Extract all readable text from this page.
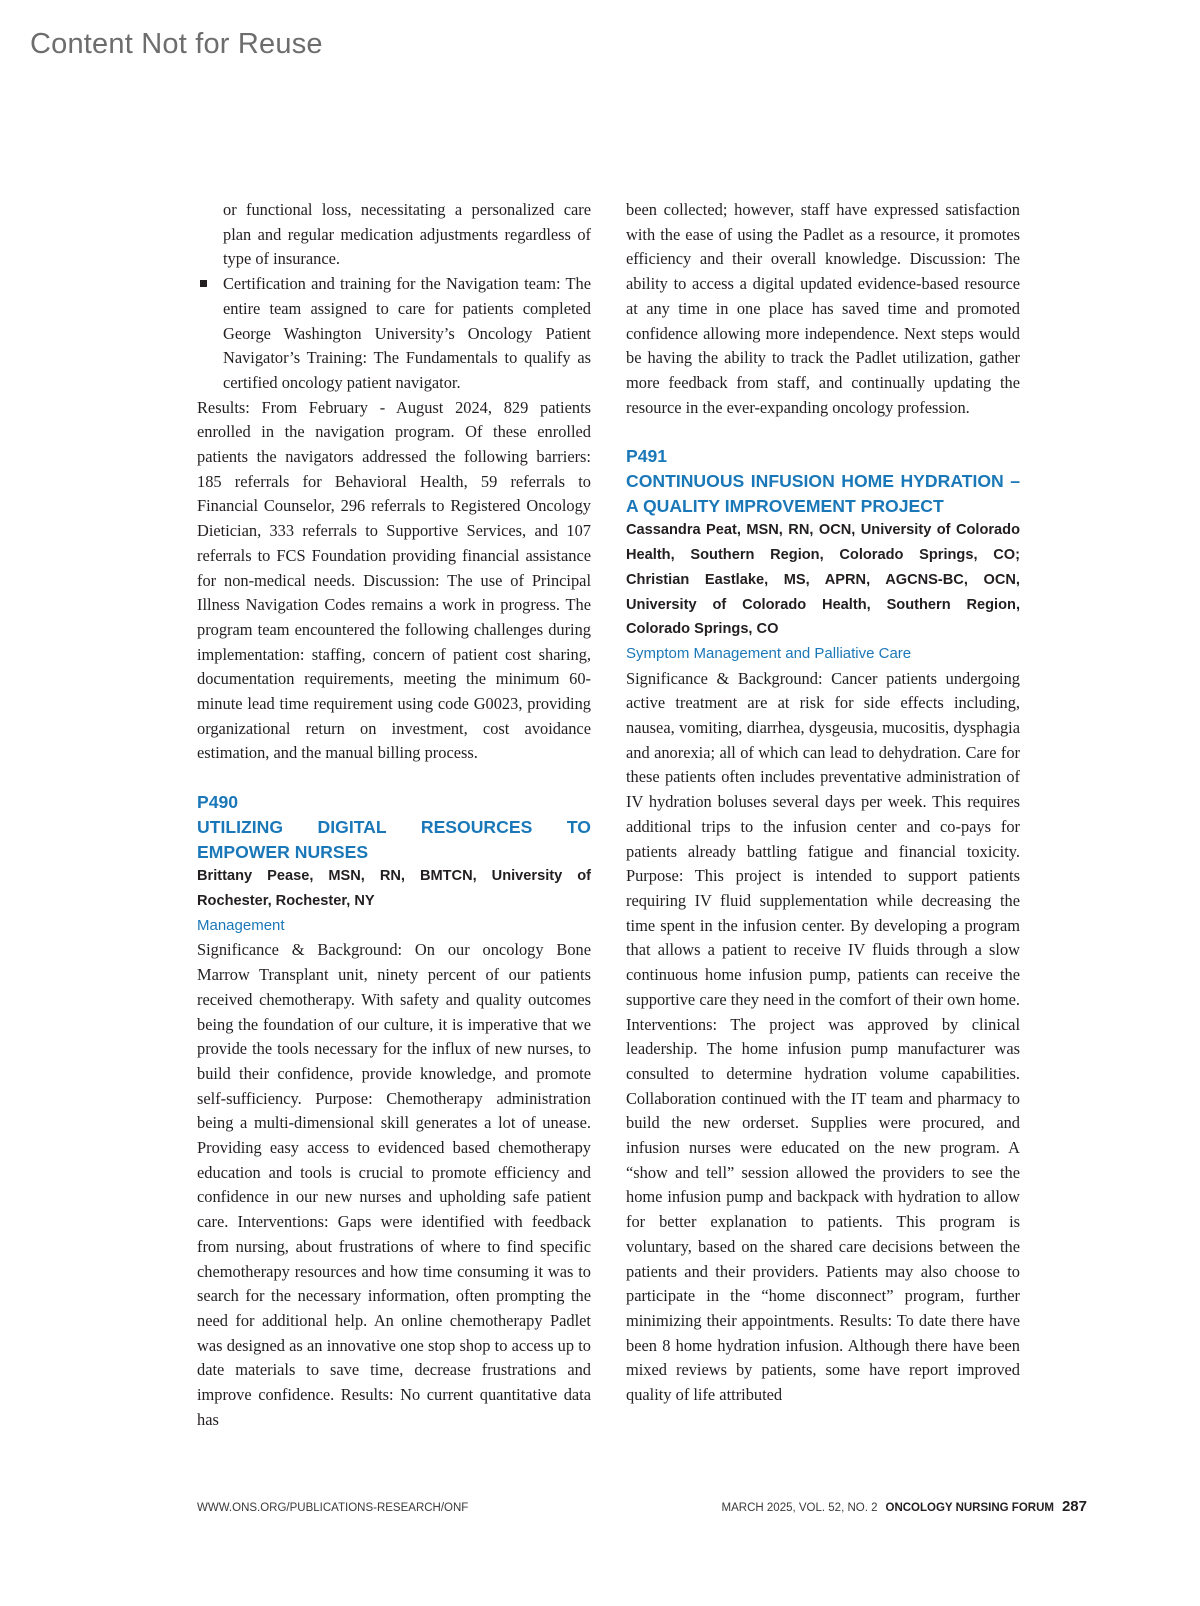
Content Not for Reuse

or functional loss, necessitating a personalized care plan and regular medication adjustments regardless of type of insurance.

Certification and training for the Navigation team: The entire team assigned to care for patients completed George Washington University’s Oncology Patient Navigator’s Training: The Fundamentals to qualify as certified oncology patient navigator.

Results: From February - August 2024, 829 patients enrolled in the navigation program. Of these enrolled patients the navigators addressed the following barriers: 185 referrals for Behavioral Health, 59 referrals to Financial Counselor, 296 referrals to Registered Oncology Dietician, 333 referrals to Supportive Services, and 107 referrals to FCS Foundation providing financial assistance for non-medical needs. Discussion: The use of Principal Illness Navigation Codes remains a work in progress. The program team encountered the following challenges during implementation: staffing, concern of patient cost sharing, documentation requirements, meeting the minimum 60-minute lead time requirement using code G0023, providing organizational return on investment, cost avoidance estimation, and the manual billing process.

P490

UTILIZING DIGITAL RESOURCES TO EMPOWER NURSES

Brittany Pease, MSN, RN, BMTCN, University of Rochester, Rochester, NY

Management

Significance & Background: On our oncology Bone Marrow Transplant unit, ninety percent of our patients received chemotherapy. With safety and quality outcomes being the foundation of our culture, it is imperative that we provide the tools necessary for the influx of new nurses, to build their confidence, provide knowledge, and promote self-sufficiency. Purpose: Chemotherapy administration being a multi-dimensional skill generates a lot of unease. Providing easy access to evidenced based chemotherapy education and tools is crucial to promote efficiency and confidence in our new nurses and upholding safe patient care. Interventions: Gaps were identified with feedback from nursing, about frustrations of where to find specific chemotherapy resources and how time consuming it was to search for the necessary information, often prompting the need for additional help. An online chemotherapy Padlet was designed as an innovative one stop shop to access up to date materials to save time, decrease frustrations and improve confidence. Results: No current quantitative data has

been collected; however, staff have expressed satisfaction with the ease of using the Padlet as a resource, it promotes efficiency and their overall knowledge. Discussion: The ability to access a digital updated evidence-based resource at any time in one place has saved time and promoted confidence allowing more independence. Next steps would be having the ability to track the Padlet utilization, gather more feedback from staff, and continually updating the resource in the ever-expanding oncology profession.

P491

CONTINUOUS INFUSION HOME HYDRATION – A QUALITY IMPROVEMENT PROJECT

Cassandra Peat, MSN, RN, OCN, University of Colorado Health, Southern Region, Colorado Springs, CO; Christian Eastlake, MS, APRN, AGCNS-BC, OCN, University of Colorado Health, Southern Region, Colorado Springs, CO

Symptom Management and Palliative Care

Significance & Background: Cancer patients undergoing active treatment are at risk for side effects including, nausea, vomiting, diarrhea, dysgeusia, mucositis, dysphagia and anorexia; all of which can lead to dehydration. Care for these patients often includes preventative administration of IV hydration boluses several days per week. This requires additional trips to the infusion center and co-pays for patients already battling fatigue and financial toxicity. Purpose: This project is intended to support patients requiring IV fluid supplementation while decreasing the time spent in the infusion center. By developing a program that allows a patient to receive IV fluids through a slow continuous home infusion pump, patients can receive the supportive care they need in the comfort of their own home. Interventions: The project was approved by clinical leadership. The home infusion pump manufacturer was consulted to determine hydration volume capabilities. Collaboration continued with the IT team and pharmacy to build the new orderset. Supplies were procured, and infusion nurses were educated on the new program. A “show and tell” session allowed the providers to see the home infusion pump and backpack with hydration to allow for better explanation to patients. This program is voluntary, based on the shared care decisions between the patients and their providers. Patients may also choose to participate in the “home disconnect” program, further minimizing their appointments. Results: To date there have been 8 home hydration infusion. Although there have been mixed reviews by patients, some have report improved quality of life attributed

WWW.ONS.ORG/PUBLICATIONS-RESEARCH/ONF	MARCH 2025, VOL. 52, NO. 2 ONCOLOGY NURSING FORUM 287
